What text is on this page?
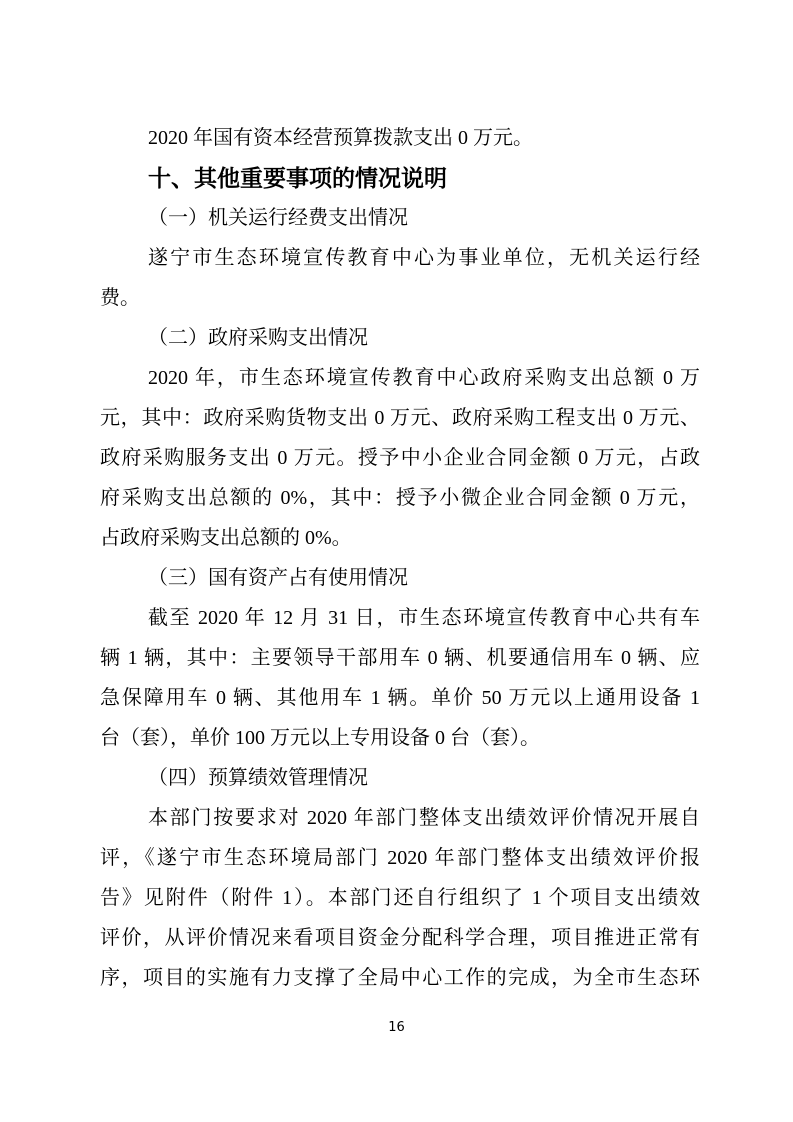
2020 年国有资本经营预算拨款支出 0 万元。
十、其他重要事项的情况说明
（一）机关运行经费支出情况
遂宁市生态环境宣传教育中心为事业单位，无机关运行经
费。
（二）政府采购支出情况
2020 年，市生态环境宣传教育中心政府采购支出总额 0 万
元，其中：政府采购货物支出 0 万元、政府采购工程支出 0 万元、
政府采购服务支出 0 万元。授予中小企业合同金额 0 万元，占政
府采购支出总额的 0%，其中：授予小微企业合同金额 0 万元，
占政府采购支出总额的 0%。
（三）国有资产占有使用情况
截至 2020 年 12 月 31 日，市生态环境宣传教育中心共有车
辆 1 辆，其中：主要领导干部用车 0 辆、机要通信用车 0 辆、应
急保障用车 0 辆、其他用车 1 辆。单价 50 万元以上通用设备 1
台（套），单价 100 万元以上专用设备 0 台（套）。
（四）预算绩效管理情况
本部门按要求对 2020 年部门整体支出绩效评价情况开展自
评，《遂宁市生态环境局部门 2020 年部门整体支出绩效评价报
告》见附件（附件 1）。本部门还自行组织了 1 个项目支出绩效
评价，从评价情况来看项目资金分配科学合理，项目推进正常有
序，项目的实施有力支撑了全局中心工作的完成，为全市生态环
16
